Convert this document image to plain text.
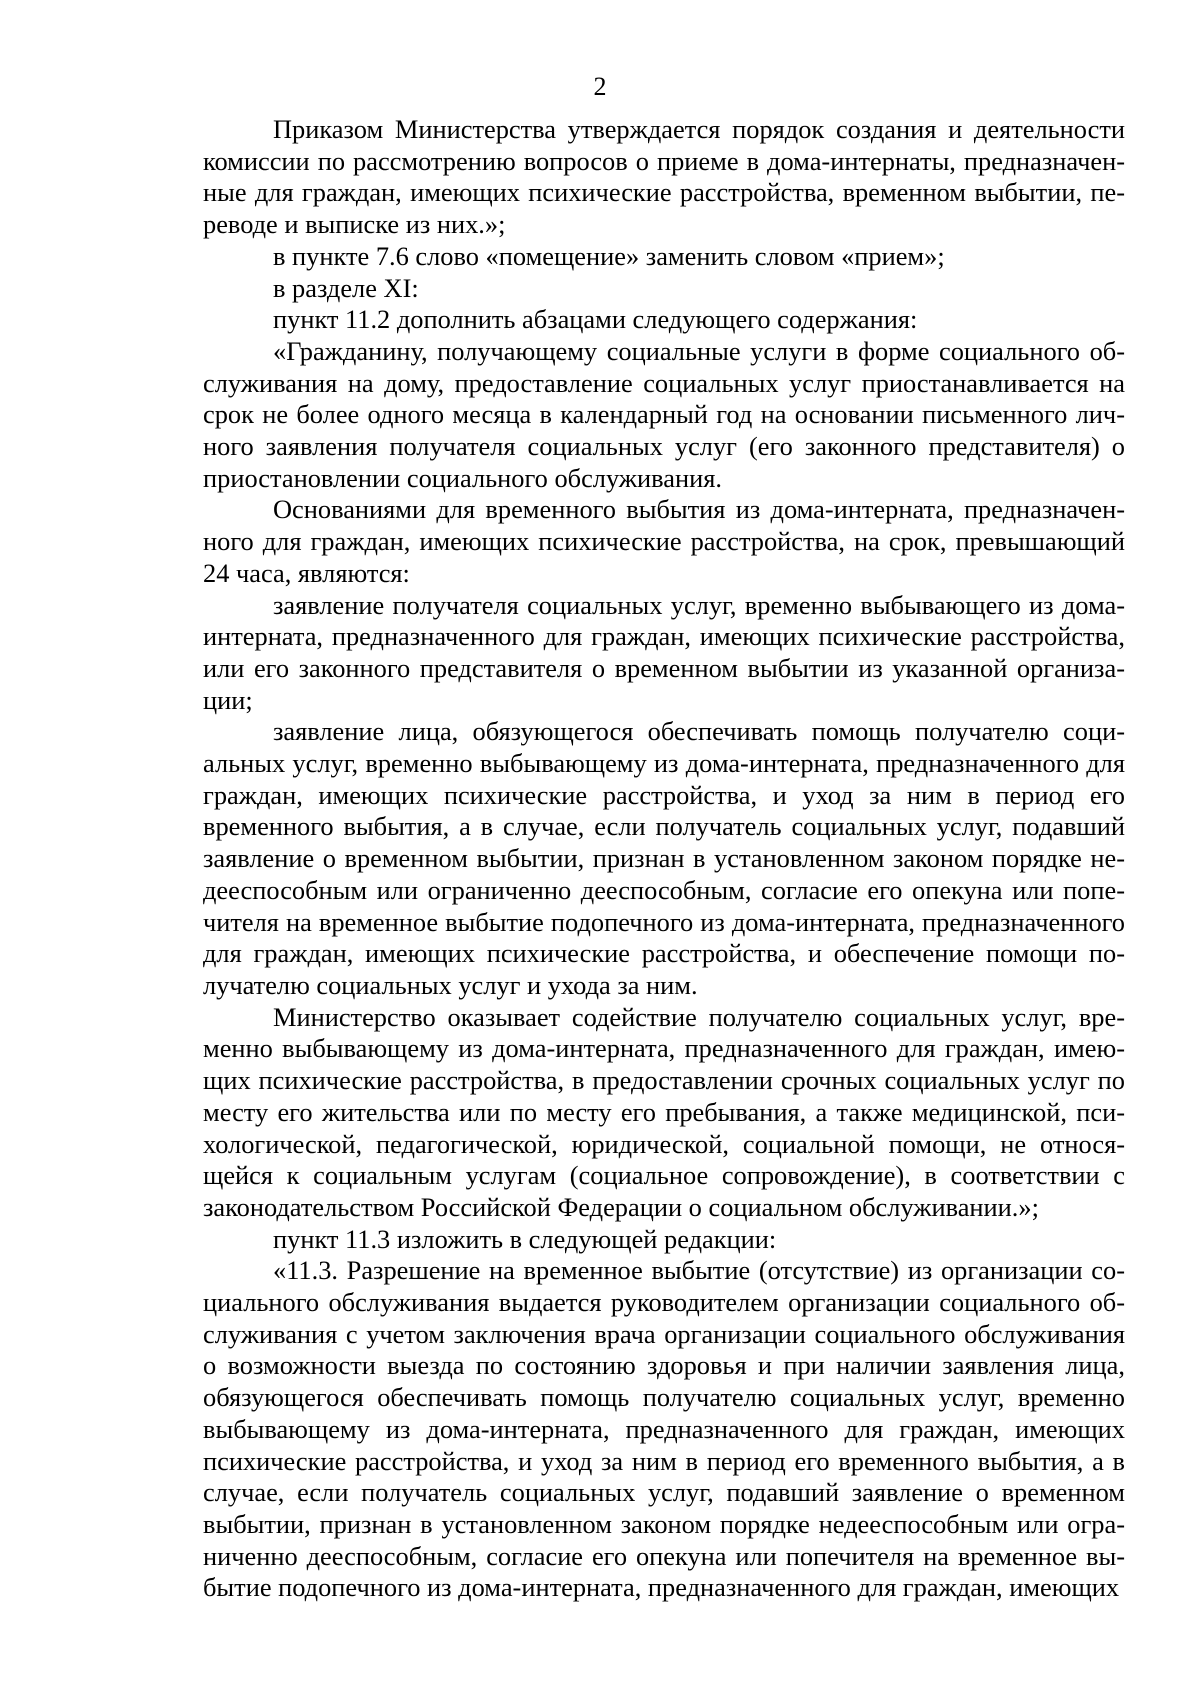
2

Приказом Министерства утверждается порядок создания и деятельности комиссии по рассмотрению вопросов о приеме в дома-интернаты, предназначенные для граждан, имеющих психические расстройства, временном выбытии, переводе и выписке из них.»;

в пункте 7.6 слово «помещение» заменить словом «прием»;

в разделе XI:

пункт 11.2 дополнить абзацами следующего содержания:

«Гражданину, получающему социальные услуги в форме социального обслуживания на дому, предоставление социальных услуг приостанавливается на срок не более одного месяца в календарный год на основании письменного личного заявления получателя социальных услуг (его законного представителя) о приостановлении социального обслуживания.

Основаниями для временного выбытия из дома-интерната, предназначенного для граждан, имеющих психические расстройства, на срок, превышающий 24 часа, являются:

заявление получателя социальных услуг, временно выбывающего из дома-интерната, предназначенного для граждан, имеющих психические расстройства, или его законного представителя о временном выбытии из указанной организации;

заявление лица, обязующегося обеспечивать помощь получателю социальных услуг, временно выбывающему из дома-интерната, предназначенного для граждан, имеющих психические расстройства, и уход за ним в период его временного выбытия, а в случае, если получатель социальных услуг, подавший заявление о временном выбытии, признан в установленном законом порядке недееспособным или ограниченно дееспособным, согласие его опекуна или попечителя на временное выбытие подопечного из дома-интерната, предназначенного для граждан, имеющих психические расстройства, и обеспечение помощи получателю социальных услуг и ухода за ним.

Министерство оказывает содействие получателю социальных услуг, временно выбывающему из дома-интерната, предназначенного для граждан, имеющих психические расстройства, в предоставлении срочных социальных услуг по месту его жительства или по месту его пребывания, а также медицинской, психологической, педагогической, юридической, социальной помощи, не относящейся к социальным услугам (социальное сопровождение), в соответствии с законодательством Российской Федерации о социальном обслуживании.»;

пункт 11.3 изложить в следующей редакции:

«11.3. Разрешение на временное выбытие (отсутствие) из организации социального обслуживания выдается руководителем организации социального обслуживания с учетом заключения врача организации социального обслуживания о возможности выезда по состоянию здоровья и при наличии заявления лица, обязующегося обеспечивать помощь получателю социальных услуг, временно выбывающему из дома-интерната, предназначенного для граждан, имеющих психические расстройства, и уход за ним в период его временного выбытия, а в случае, если получатель социальных услуг, подавший заявление о временном выбытии, признан в установленном законом порядке недееспособным или ограниченно дееспособным, согласие его опекуна или попечителя на временное выбытие подопечного из дома-интерната, предназначенного для граждан, имеющих
